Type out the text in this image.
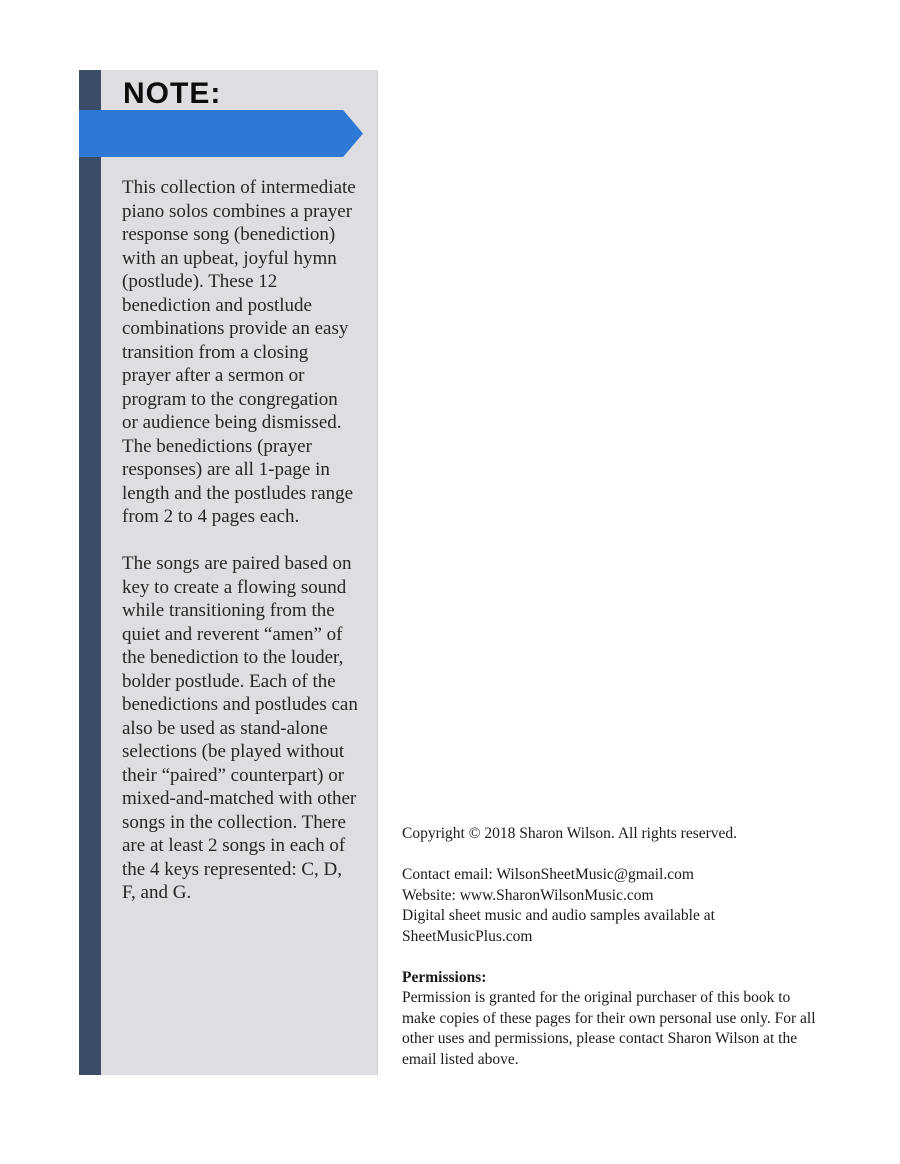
NOTE:

This collection of intermediate piano solos combines a prayer response song (benediction) with an upbeat, joyful hymn (postlude). These 12 benediction and postlude combinations provide an easy transition from a closing prayer after a sermon or program to the congregation or audience being dismissed. The benedictions (prayer responses) are all 1-page in length and the postludes range from 2 to 4 pages each.

The songs are paired based on key to create a flowing sound while transitioning from the quiet and reverent “amen” of the benediction to the louder, bolder postlude. Each of the benedictions and postludes can also be used as stand-alone selections (be played without their “paired” counterpart) or mixed-and-matched with other songs in the collection. There are at least 2 songs in each of the 4 keys represented: C, D, F, and G.

Copyright © 2018 Sharon Wilson. All rights reserved.

Contact email: WilsonSheetMusic@gmail.com
Website: www.SharonWilsonMusic.com
Digital sheet music and audio samples available at SheetMusicPlus.com

Permissions:
Permission is granted for the original purchaser of this book to make copies of these pages for their own personal use only. For all other uses and permissions, please contact Sharon Wilson at the email listed above.
